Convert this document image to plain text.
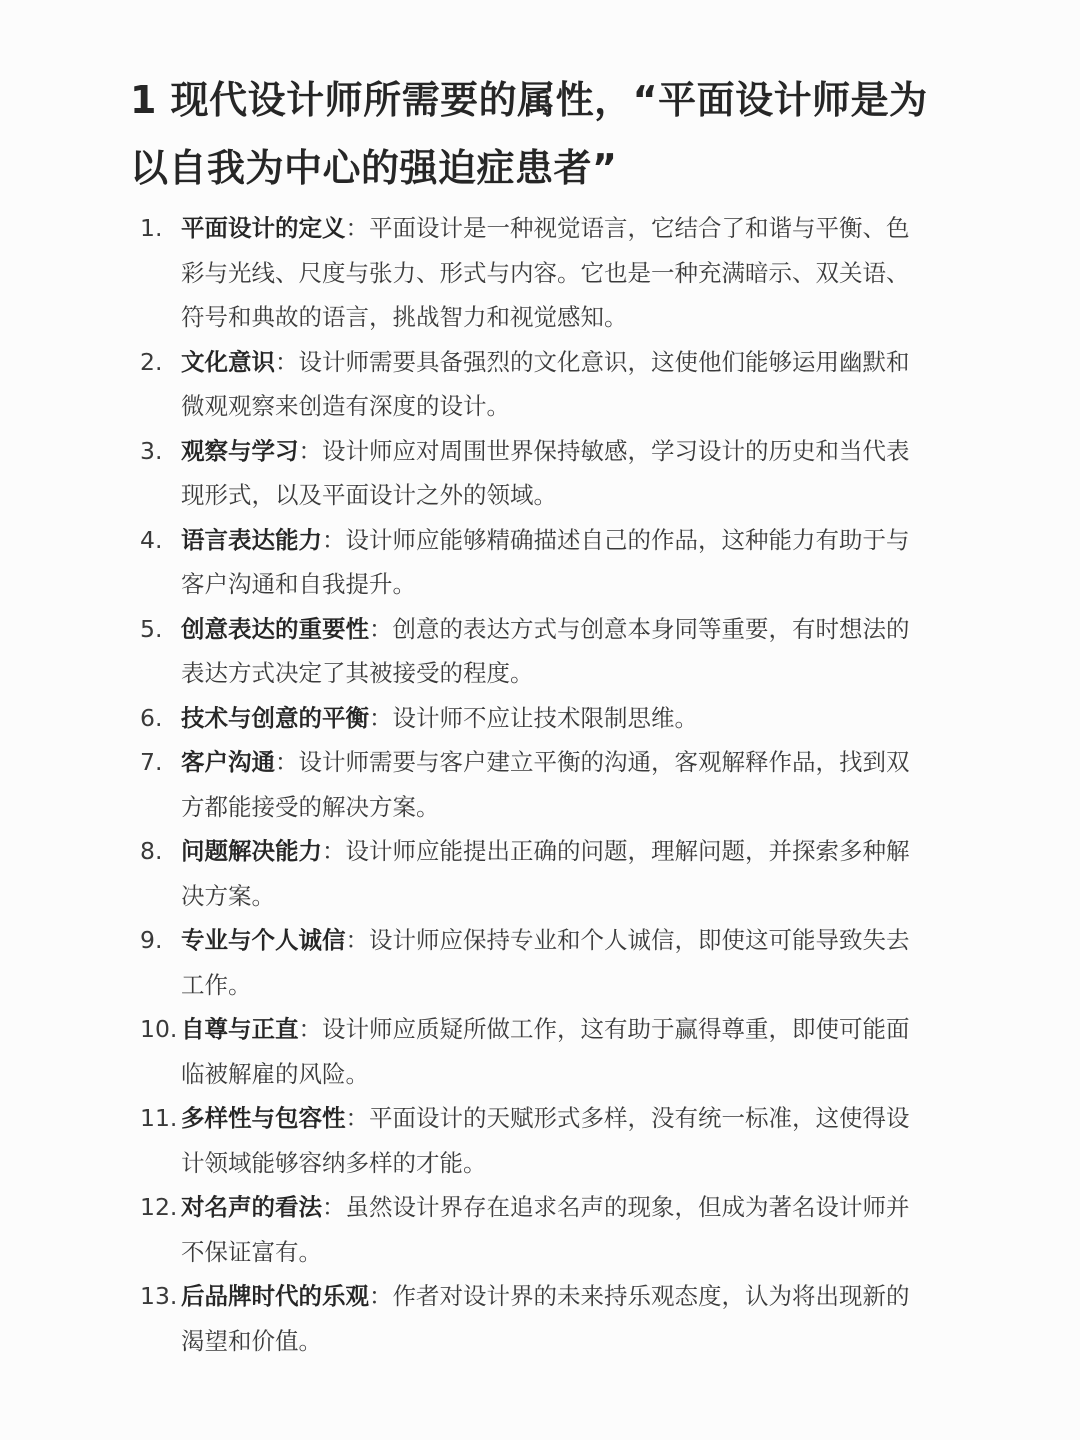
1 现代设计师所需要的属性，“平面设计师是为以自我为中心的强迫症患者”
1. 平面设计的定义：平面设计是一种视觉语言，它结合了和谐与平衡、色彩与光线、尺度与张力、形式与内容。它也是一种充满暗示、双关语、符号和典故的语言，挑战智力和视觉感知。
2. 文化意识：设计师需要具备强烈的文化意识，这使他们能够运用幽默和微观观察来创造有深度的设计。
3. 观察与学习：设计师应对周围世界保持敏感，学习设计的历史和当代表现形式，以及平面设计之外的领域。
4. 语言表达能力：设计师应能够精确描述自己的作品，这种能力有助于与客户沟通和自我提升。
5. 创意表达的重要性：创意的表达方式与创意本身同等重要，有时想法的表达方式决定了其被接受的程度。
6. 技术与创意的平衡：设计师不应让技术限制思维。
7. 客户沟通：设计师需要与客户建立平衡的沟通，客观解释作品，找到双方都能接受的解决方案。
8. 问题解决能力：设计师应能提出正确的问题，理解问题，并探索多种解决方案。
9. 专业与个人诚信：设计师应保持专业和个人诚信，即使这可能导致失去工作。
10. 自尊与正直：设计师应质疑所做工作，这有助于赢得尊重，即使可能面临被解雇的风险。
11. 多样性与包容性：平面设计的天赋形式多样，没有统一标准，这使得设计领域能够容纳多样的才能。
12. 对名声的看法：虽然设计界存在追求名声的现象，但成为著名设计师并不保证富有。
13. 后品牌时代的乐观：作者对设计界的未来持乐观态度，认为将出现新的渴望和价值。
